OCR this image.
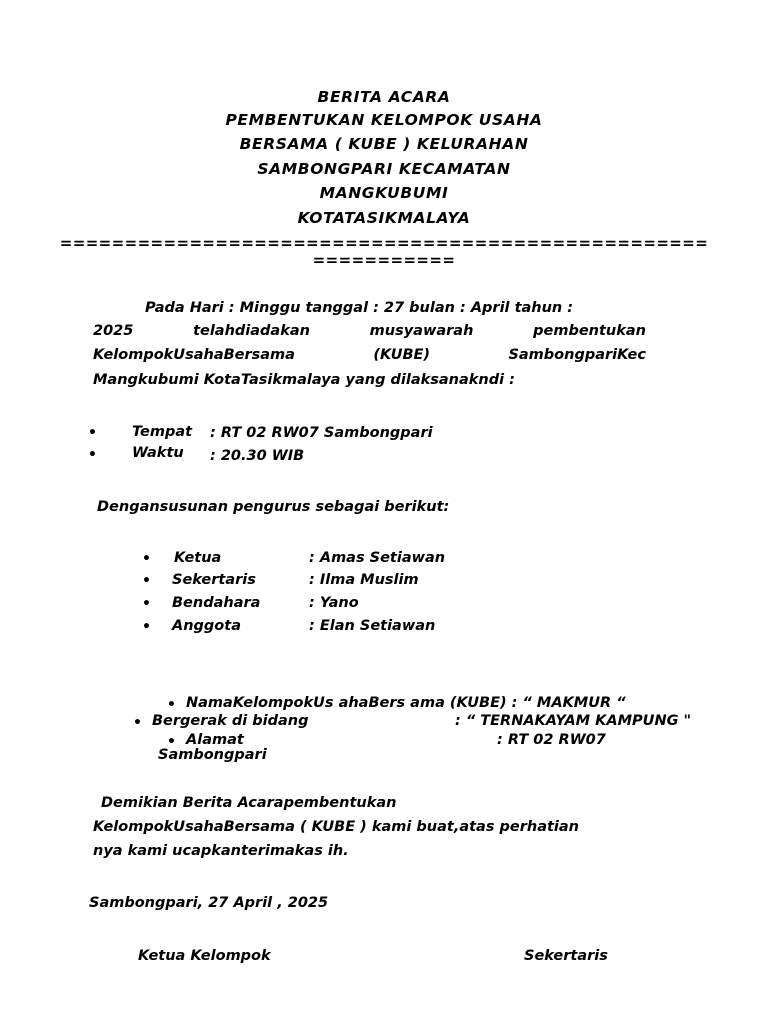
BERITA ACARA
PEMBENTUKAN KELOMPOK USAHA
BERSAMA ( KUBE ) KELURAHAN
SAMBONGPARI KECAMATAN
MANGKUBUMI
KOTATASIKMALAYA
==================================================
===========
Pada Hari : Minggu tanggal : 27 bulan : April tahun :
2025	telahdiadakan	musyawarah	pembentukan
KelompokUsahaBersama	(KUBE)	SambongpariKec
Mangkubumi KotaTasikmalaya yang dilaksanakndi :
• Tempat : RT 02 RW07 Sambongpari
• Waktu : 20.30 WIB
Dengansusunan pengurus sebagai berikut:
• Ketua	: Amas Setiawan
• Sekertaris	: Ilma Muslim
• Bendahara	: Yano
• Anggota	: Elan Setiawan
• NamaKelompokUs ahaBers ama (KUBE) : “ MAKMUR “
• Bergerak di bidang	: “ TERNAKAYAM KAMPUNG "
• Alamat	: RT 02 RW07
Sambongpari
Demikian Berita Acarapembentukan
KelompokUsahaBersama ( KUBE ) kami buat,atas perhatian
nya kami ucapkanterimakas ih.
Sambongpari, 27 April , 2025
Ketua Kelompok	Sekertaris
